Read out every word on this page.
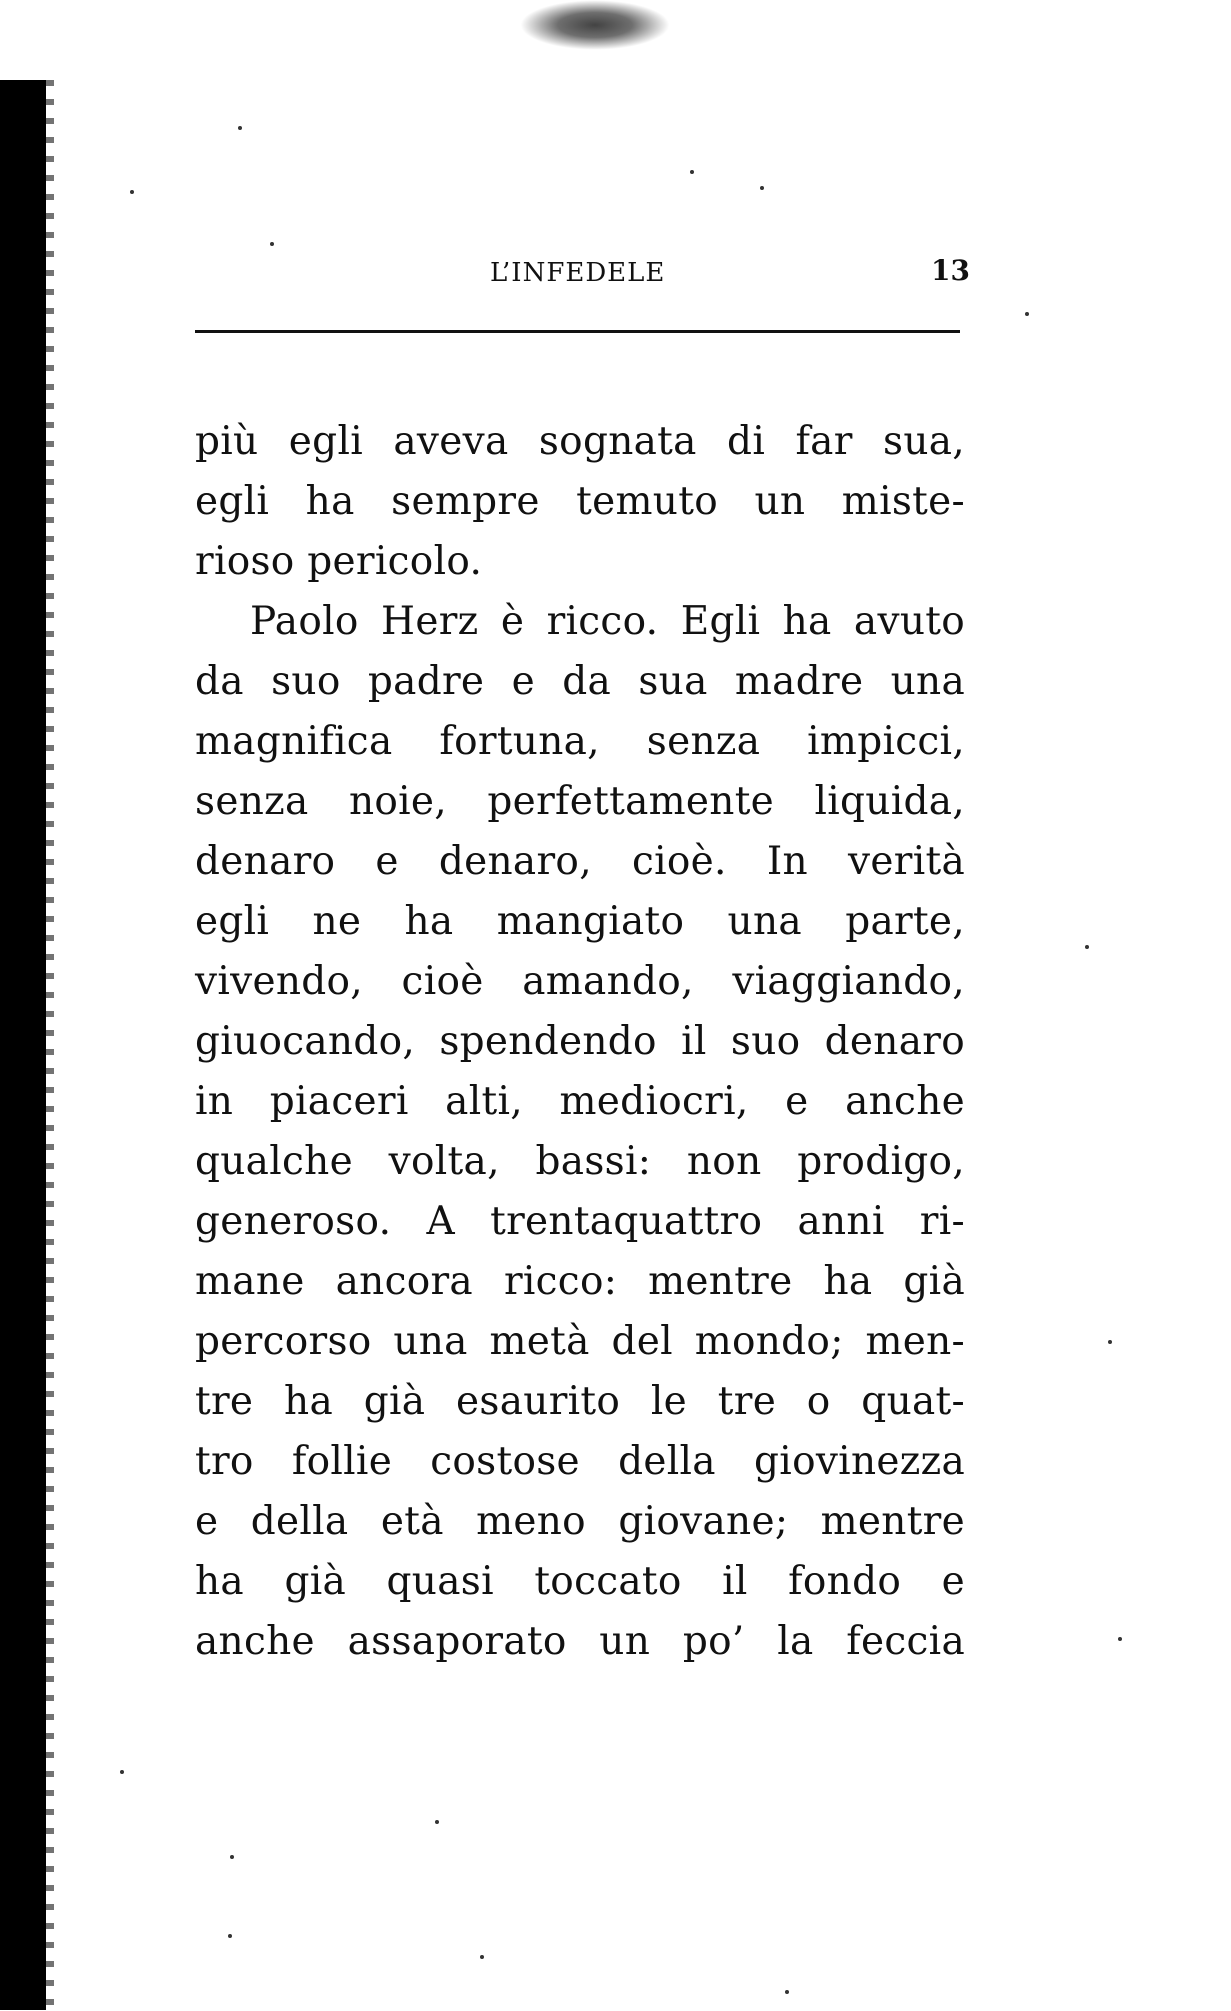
L’INFEDELE	13
più egli aveva sognata di far sua,
egli ha sempre temuto un miste-
rioso pericolo.
Paolo Herz è ricco. Egli ha avuto
da suo padre e da sua madre una
magnifica fortuna, senza impicci,
senza noie, perfettamente liquida,
denaro e denaro, cioè. In verità
egli ne ha mangiato una parte,
vivendo, cioè amando, viaggiando,
giuocando, spendendo il suo denaro
in piaceri alti, mediocri, e anche
qualche volta, bassi: non prodigo,
generoso. A trentaquattro anni ri-
mane ancora ricco: mentre ha già
percorso una metà del mondo; men-
tre ha già esaurito le tre o quat-
tro follie costose della giovinezza
e della età meno giovane; mentre
ha già quasi toccato il fondo e
anche assaporato un po’ la feccia
